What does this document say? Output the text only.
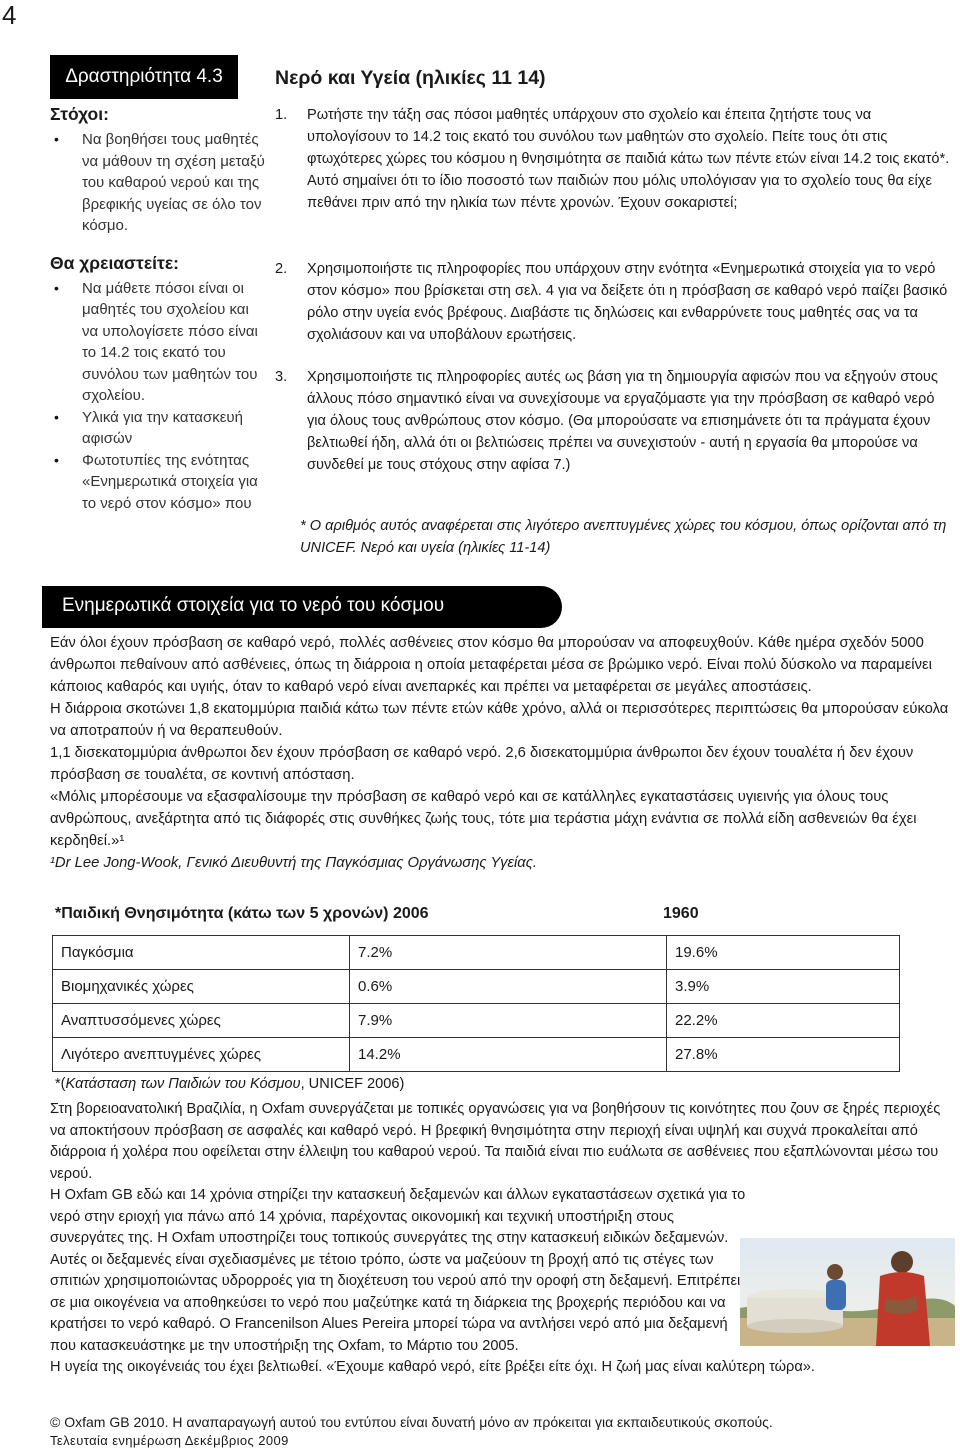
4
Δραστηριότητα 4.3
Στόχοι:
• Να βοηθήσει τους μαθητές να μάθουν τη σχέση μεταξύ του καθαρού νερού και της βρεφικής υγείας σε όλο τον κόσμο.
Θα χρειαστείτε:
• Να μάθετε πόσοι είναι οι μαθητές του σχολείου και να υπολογίσετε πόσο είναι το 14.2 τοις εκατό του συνόλου των μαθητών του σχολείου.
• Υλικά για την κατασκευή αφισών
• Φωτοτυπίες της ενότητας «Ενημερωτικά στοιχεία για το νερό στον κόσμο» που
Νερό και Υγεία (ηλικίες 11 14)
1. Ρωτήστε την τάξη σας πόσοι μαθητές υπάρχουν στο σχολείο και έπειτα ζητήστε τους να υπολογίσουν το 14.2 τοις εκατό του συνόλου των μαθητών στο σχολείο. Πείτε τους ότι στις φτωχότερες χώρες του κόσμου η θνησιμότητα σε παιδιά κάτω των πέντε ετών είναι 14.2 τοις εκατό*. Αυτό σημαίνει ότι το ίδιο ποσοστό των παιδιών που μόλις υπολόγισαν για το σχολείο τους θα είχε πεθάνει πριν από την ηλικία των πέντε χρονών. Έχουν σοκαριστεί;
2. Χρησιμοποιήστε τις πληροφορίες που υπάρχουν στην ενότητα «Ενημερωτικά στοιχεία για το νερό στον κόσμο» που βρίσκεται στη σελ. 4 για να δείξετε ότι η πρόσβαση σε καθαρό νερό παίζει βασικό ρόλο στην υγεία ενός βρέφους. Διαβάστε τις δηλώσεις και ενθαρρύνετε τους μαθητές σας να τα σχολιάσουν και να υποβάλουν ερωτήσεις.
3. Χρησιμοποιήστε τις πληροφορίες αυτές ως βάση για τη δημιουργία αφισών που να εξηγούν στους άλλους πόσο σημαντικό είναι να συνεχίσουμε να εργαζόμαστε για την πρόσβαση σε καθαρό νερό για όλους τους ανθρώπους στον κόσμο. (Θα μπορούσατε να επισημάνετε ότι τα πράγματα έχουν βελτιωθεί ήδη, αλλά ότι οι βελτιώσεις πρέπει να συνεχιστούν - αυτή η εργασία θα μπορούσε να συνδεθεί με τους στόχους στην αφίσα 7.)
* Ο αριθμός αυτός αναφέρεται στις λιγότερο ανεπτυγμένες χώρες του κόσμου, όπως ορίζονται από τη UNICEF. Νερό και υγεία (ηλικίες 11-14)
Ενημερωτικά στοιχεία για το νερό του κόσμου

Εάν όλοι έχουν πρόσβαση σε καθαρό νερό, πολλές ασθένειες στον κόσμο θα μπορούσαν να αποφευχθούν. Κάθε ημέρα σχεδόν 5000 άνθρωποι πεθαίνουν από ασθένειες, όπως τη διάρροια η οποία μεταφέρεται μέσα σε βρώμικο νερό. Είναι πολύ δύσκολο να παραμείνει κάποιος καθαρός και υγιής, όταν το καθαρό νερό είναι ανεπαρκές και πρέπει να μεταφέρεται σε μεγάλες αποστάσεις.

Η διάρροια σκοτώνει 1,8 εκατομμύρια παιδιά κάτω των πέντε ετών κάθε χρόνο, αλλά οι περισσότερες περιπτώσεις θα μπορούσαν εύκολα να αποτραπούν ή να θεραπευθούν.

1,1 δισεκατομμύρια άνθρωποι δεν έχουν πρόσβαση σε καθαρό νερό. 2,6 δισεκατομμύρια άνθρωποι δεν έχουν τουαλέτα ή δεν έχουν πρόσβαση σε τουαλέτα, σε κοντινή απόσταση.

«Μόλις μπορέσουμε να εξασφαλίσουμε την πρόσβαση σε καθαρό νερό και σε κατάλληλες εγκαταστάσεις υγιεινής για όλους τους ανθρώπους, ανεξάρτητα από τις διάφορές στις συνθήκες ζωής τους, τότε μια τεράστια μάχη ενάντια σε πολλά είδη ασθενειών θα έχει κερδηθεί.»¹

¹Dr Lee Jong-Wook, Γενικό Διευθυντή της Παγκόσμιας Οργάνωσης Υγείας.

*Παιδική Θνησιμότητα (κάτω των 5 χρονών) 2006	1960
Παγκόσμια	7.2%	19.6%
Βιομηχανικές χώρες	0.6%	3.9%
Αναπτυσσόμενες χώρες	7.9%	22.2%
Λιγότερο ανεπτυγμένες χώρες	14.2%	27.8%
*(Κατάσταση των Παιδιών του Κόσμου, UNICEF 2006)

Στη βορειοανατολική Βραζιλία, η Oxfam συνεργάζεται με τοπικές οργανώσεις για να βοηθήσουν τις κοινότητες που ζουν σε ξηρές περιοχές να αποκτήσουν πρόσβαση σε ασφαλές και καθαρό νερό. Η βρεφική θνησιμότητα στην περιοχή είναι υψηλή και συχνά προκαλείται από διάρροια ή χολέρα που οφείλεται στην έλλειψη του καθαρού νερού. Τα παιδιά είναι πιο ευάλωτα σε ασθένειες που εξαπλώνονται μέσω του νερού.

Η Oxfam GB εδώ και 14 χρόνια στηρίζει την κατασκευή δεξαμενών και άλλων εγκαταστάσεων σχετικά για το νερό στην εριοχή για πάνω από 14 χρόνια, παρέχοντας οικονομική και τεχνική υποστήριξη στους συνεργάτες της. Η Oxfam υποστηρίζει τους τοπικούς συνεργάτες της στην κατασκευή ειδικών δεξαμενών. Αυτές οι δεξαμενές είναι σχεδιασμένες με τέτοιο τρόπο, ώστε να μαζεύουν τη βροχή από τις στέγες των σπιτιών χρησιμοποιώντας υδρορροές για τη διοχέτευση του νερού από την οροφή στη δεξαμενή. Επιτρέπει σε μια οικογένεια να αποθηκεύσει το νερό που μαζεύτηκε κατά τη διάρκεια της βροχερής περιόδου και να κρατήσει το νερό καθαρό. Ο Francenilson Alues Pereira μπορεί τώρα να αντλήσει νερό από μια δεξαμενή που κατασκευάστηκε με την υποστήριξη της Oxfam, το Μάρτιο του 2005.

Η υγεία της οικογένειάς του έχει βελτιωθεί. «Έχουμε καθαρό νερό, είτε βρέξει είτε όχι. Η ζωή μας είναι καλύτερη τώρα».

© Oxfam GB 2010. Η αναπαραγωγή αυτού του εντύπου είναι δυνατή μόνο αν πρόκειται για εκπαιδευτικούς σκοπούς.
Τελευταία ενημέρωση Δεκέμβριος 2009
